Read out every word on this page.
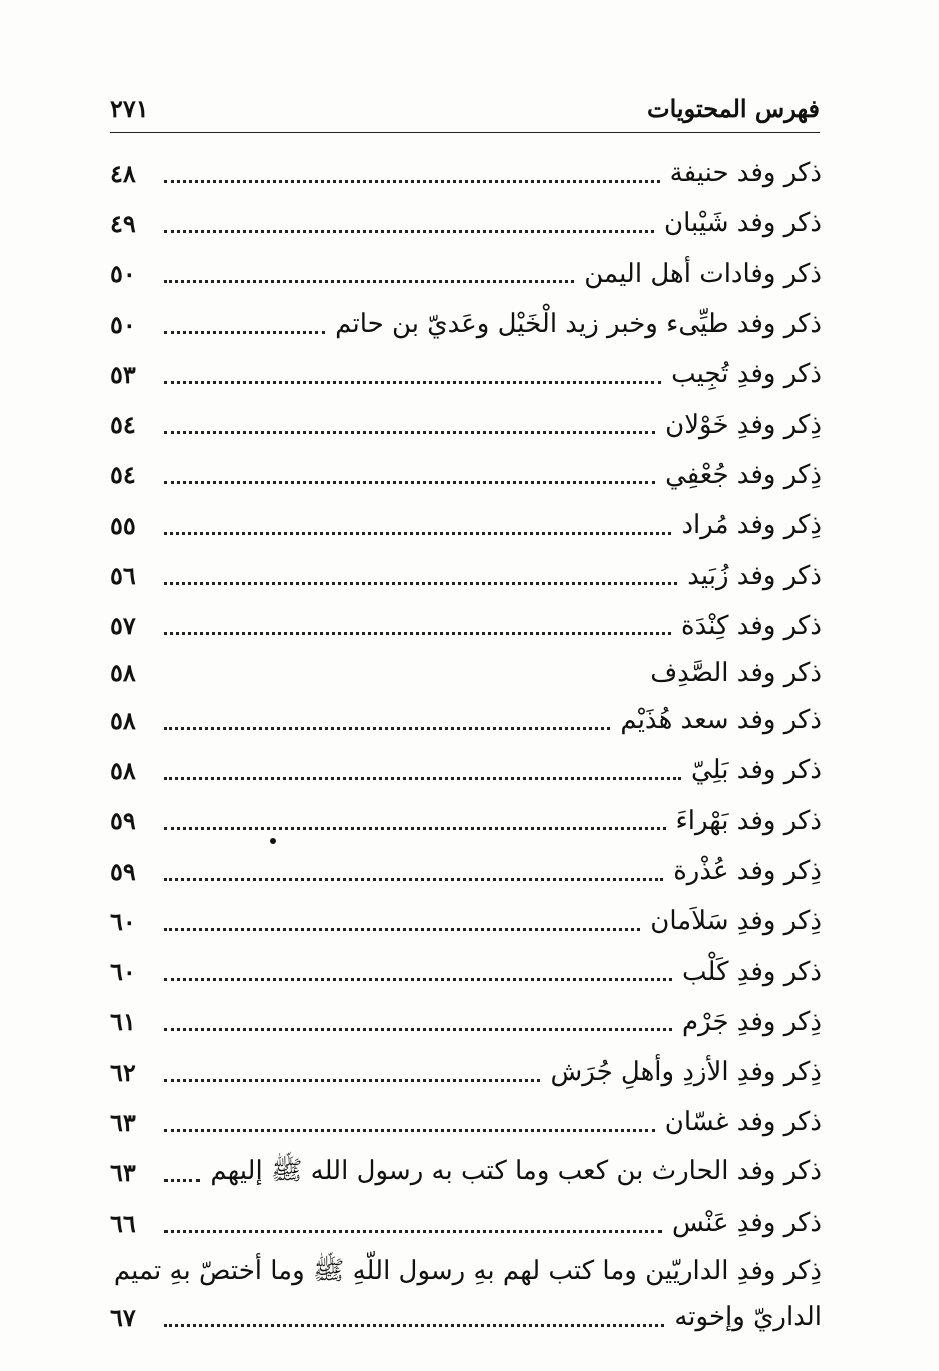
فهرس المحتويات
٢٧١
ذكر وفد حنيفة
٤٨
ذكر وفد شَيْبان
٤٩
ذكر وفادات أهل اليمن
٥٠
ذكر وفد طيِّىء وخبر زيد الْخَيْل وعَديّ بن حاتم
٥٠
ذكر وفدِ تُجِيب
٥٣
ذِكر وفدِ خَوْلان
٥٤
ذِكر وفد جُعْفِي
٥٤
ذِكر وفد مُراد
٥٥
ذكر وفد زُبَيد
٥٦
ذكر وفد كِنْدَة
٥٧
ذكر وفد الصَّدِف
٥٨
ذكر وفد سعد هُذَيْم
٥٨
ذكر وفد بَلِيّ
٥٨
ذكر وفد بَهْراءَ
٥٩
ذِكر وفد عُذْرة
٥٩
ذِكر وفدِ سَلاَمان
٦٠
ذكر وفدِ كَلْب
٦٠
ذِكر وفدِ جَرْم
٦١
ذِكر وفدِ الأزدِ وأهلِ جُرَش
٦٢
ذكر وفد غسّان
٦٣
ذكر وفد الحارث بن كعب وما كتب به رسول الله ﷺ إليهم
٦٣
ذكر وفدِ عَنْس
٦٦
ذِكر وفدِ الداريّين وما كتب لهم بهِ رسول اللّهِ ﷺ وما أختصّ بهِ تميم
الداريّ وإخوته
٦٧
